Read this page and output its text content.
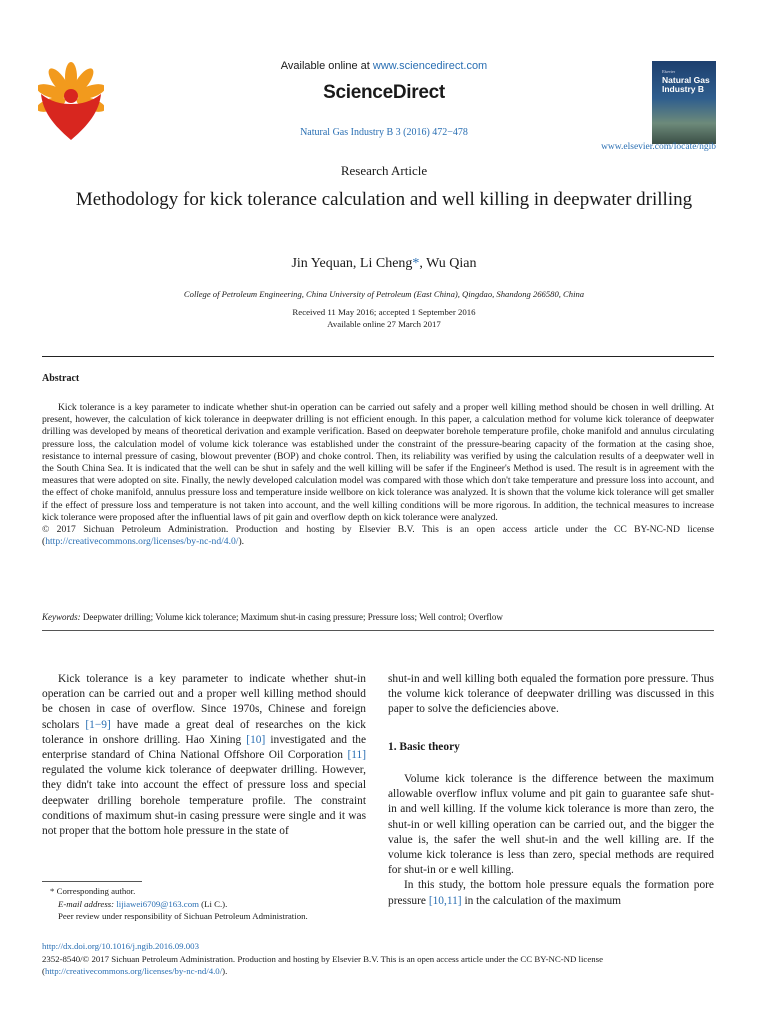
Available online at www.sciencedirect.com
ScienceDirect
Natural Gas Industry B 3 (2016) 472−478
Elsevier
Natural Gas Industry B
www.elsevier.com/locate/ngib
Research Article
Methodology for kick tolerance calculation and well killing in deepwater drilling
Jin Yequan, Li Cheng*, Wu Qian
College of Petroleum Engineering, China University of Petroleum (East China), Qingdao, Shandong 266580, China
Received 11 May 2016; accepted 1 September 2016
Available online 27 March 2017
Abstract
Kick tolerance is a key parameter to indicate whether shut-in operation can be carried out safely and a proper well killing method should be chosen in well drilling. At present, however, the calculation of kick tolerance in deepwater drilling is not efficient enough. In this paper, a calculation method for volume kick tolerance of deepwater drilling was developed by means of theoretical derivation and example verification. Based on deepwater borehole temperature profile, choke manifold and annulus circulating pressure loss, the calculation model of volume kick tolerance was established under the constraint of the pressure-bearing capacity of the formation at the casing shoe, resistance to internal pressure of casing, blowout preventer (BOP) and choke control. Then, its reliability was verified by using the calculation results of a deepwater well in the South China Sea. It is indicated that the well can be shut in safely and the well killing will be safer if the Engineer's Method is used. The result is in agreement with the measures that were adopted on site. Finally, the newly developed calculation model was compared with those which don't take temperature and pressure loss into account, and the effect of choke manifold, annulus pressure loss and temperature inside wellbore on kick tolerance was analyzed. It is shown that the volume kick tolerance will get smaller if the effect of pressure loss and temperature is not taken into account, and the well killing conditions will be more rigorous. In addition, the technical measures to increase kick tolerance were proposed after the influential laws of pit gain and overflow depth on kick tolerance were analyzed.
© 2017 Sichuan Petroleum Administration. Production and hosting by Elsevier B.V. This is an open access article under the CC BY-NC-ND license (http://creativecommons.org/licenses/by-nc-nd/4.0/).
Keywords: Deepwater drilling; Volume kick tolerance; Maximum shut-in casing pressure; Pressure loss; Well control; Overflow
Kick tolerance is a key parameter to indicate whether shut-in operation can be carried out and a proper well killing method should be chosen in case of overflow. Since 1970s, Chinese and foreign scholars [1−9] have made a great deal of researches on the kick tolerance in onshore drilling. Hao Xining [10] investigated and the enterprise standard of China National Offshore Oil Corporation [11] regulated the volume kick tolerance of deepwater drilling. However, they didn't take into account the effect of pressure loss and special deepwater drilling borehole temperature profile. The constraint conditions of maximum shut-in casing pressure were single and it was not proper that the bottom hole pressure in the state of
shut-in and well killing both equaled the formation pore pressure. Thus the volume kick tolerance of deepwater drilling was discussed in this paper to solve the deficiencies above.
1. Basic theory
Volume kick tolerance is the difference between the maximum allowable overflow influx volume and pit gain to guarantee safe shut-in and well killing. If the volume kick tolerance is more than zero, the shut-in or well killing operation can be carried out, and the bigger the value is, the safer the well shut-in and the well killing are. If the volume kick tolerance is less than zero, special methods are required for shut-in or e well killing.
In this study, the bottom hole pressure equals the formation pore pressure [10,11] in the calculation of the maximum
* Corresponding author.
E-mail address: lijiawei6709@163.com (Li C.).
Peer review under responsibility of Sichuan Petroleum Administration.
http://dx.doi.org/10.1016/j.ngib.2016.09.003
2352-8540/© 2017 Sichuan Petroleum Administration. Production and hosting by Elsevier B.V. This is an open access article under the CC BY-NC-ND license
(http://creativecommons.org/licenses/by-nc-nd/4.0/).
